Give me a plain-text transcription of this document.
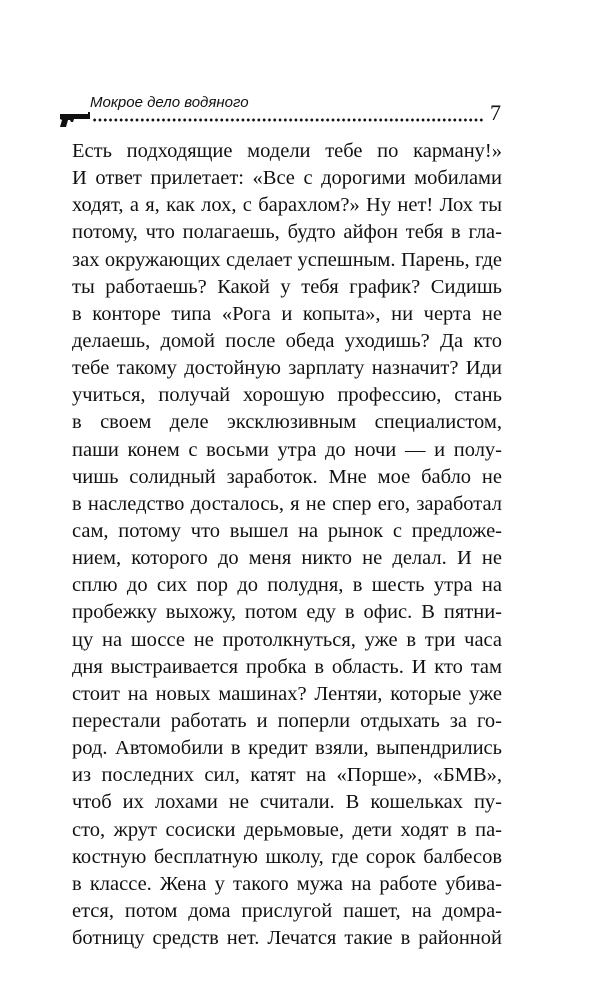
Мокрое дело водяного	7
Есть подходящие модели тебе по карману!»
И ответ прилетает: «Все с дорогими мобилами
ходят, а я, как лох, с барахлом?» Ну нет! Лох ты
потому, что полагаешь, будто айфон тебя в гла-
зах окружающих сделает успешным. Парень, где
ты работаешь? Какой у тебя график? Сидишь
в конторе типа «Рога и копыта», ни черта не
делаешь, домой после обеда уходишь? Да кто
тебе такому достойную зарплату назначит? Иди
учиться, получай хорошую профессию, стань
в своем деле эксклюзивным специалистом,
паши конем с восьми утра до ночи — и полу-
чишь солидный заработок. Мне мое бабло не
в наследство досталось, я не спер его, заработал
сам, потому что вышел на рынок с предложе-
нием, которого до меня никто не делал. И не
сплю до сих пор до полудня, в шесть утра на
пробежку выхожу, потом еду в офис. В пятни-
цу на шоссе не протолкнуться, уже в три часа
дня выстраивается пробка в область. И кто там
стоит на новых машинах? Лентяи, которые уже
перестали работать и поперли отдыхать за го-
род. Автомобили в кредит взяли, выпендрились
из последних сил, катят на «Порше», «БМВ»,
чтоб их лохами не считали. В кошельках пу-
сто, жрут сосиски дерьмовые, дети ходят в па-
костную бесплатную школу, где сорок балбесов
в классе. Жена у такого мужа на работе убива-
ется, потом дома прислугой пашет, на домра-
ботницу средств нет. Лечатся такие в районной
